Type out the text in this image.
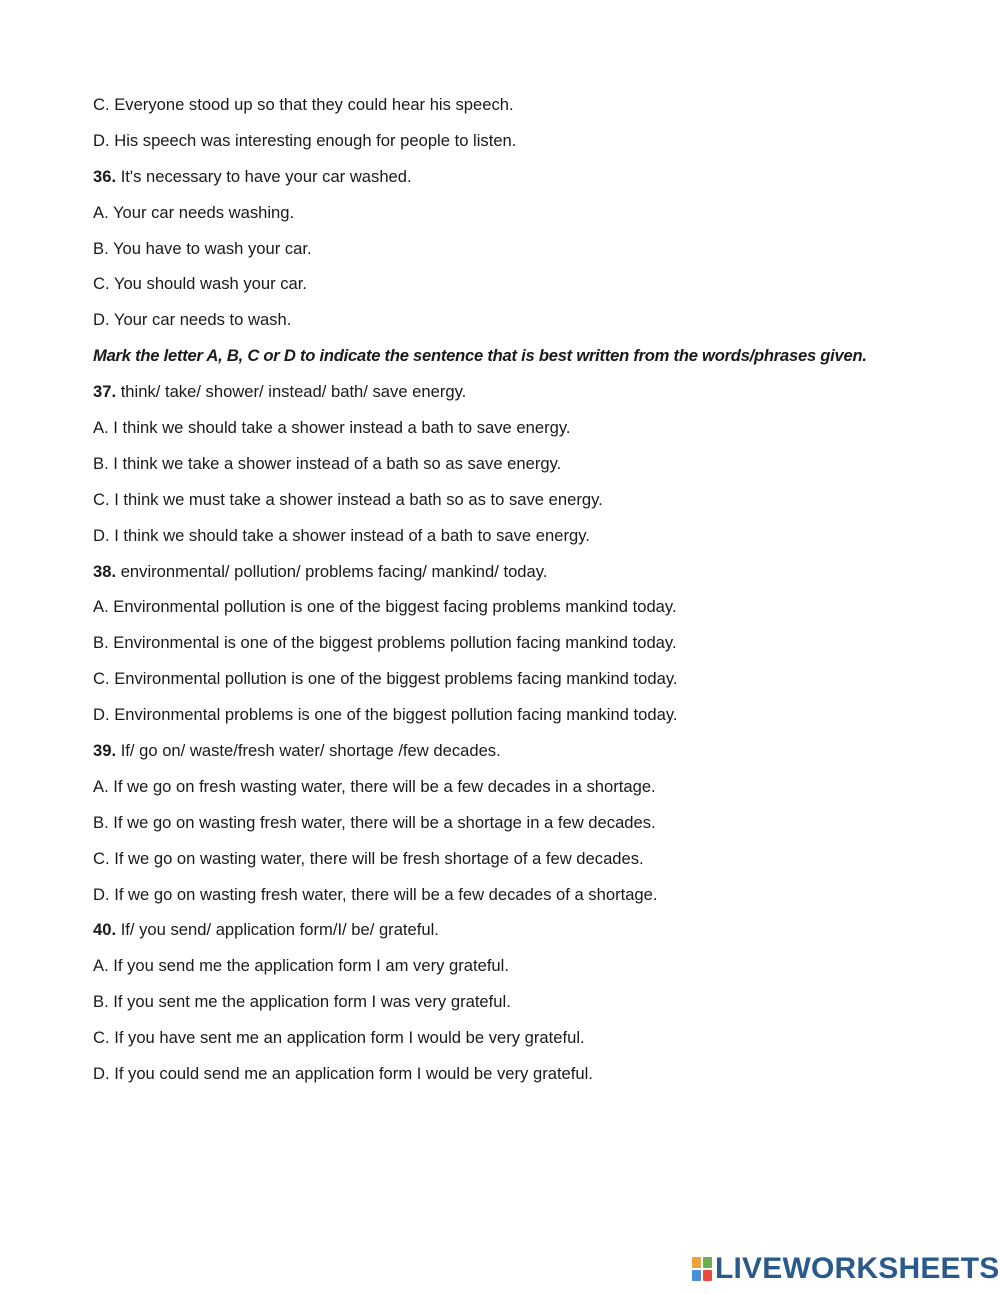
C. Everyone stood up so that they could hear his speech.
D. His speech was interesting enough for people to listen.
36. It's necessary to have your car washed.
A. Your car needs washing.
B. You have to wash your car.
C. You should wash your car.
D. Your car needs to wash.
Mark the letter A, B, C or D to indicate the sentence that is best written from the words/phrases given.
37. think/ take/ shower/ instead/ bath/ save energy.
A. I think we should take a shower instead a bath to save energy.
B. I think we take a shower instead of a bath so as save energy.
C. I think we must take a shower instead a bath so as to save energy.
D. I think we should take a shower instead of a bath to save energy.
38. environmental/ pollution/ problems facing/ mankind/ today.
A. Environmental pollution is one of the biggest facing problems mankind today.
B. Environmental is one of the biggest problems pollution facing mankind today.
C. Environmental pollution is one of the biggest problems facing mankind today.
D. Environmental problems is one of the biggest pollution facing mankind today.
39. If/ go on/ waste/fresh water/ shortage /few decades.
A. If we go on fresh wasting water, there will be a few decades in a shortage.
B. If we go on wasting fresh water, there will be a shortage in a few decades.
C. If we go on wasting water, there will be fresh shortage of a few decades.
D. If we go on wasting fresh water, there will be a few decades of a shortage.
40. If/ you send/ application form/I/ be/ grateful.
A. If you send me the application form I am very grateful.
B. If you sent me the application form I was very grateful.
C. If you have sent me an application form I would be very grateful.
D. If you could send me an application form I would be very grateful.
LIVEWORKSHEETS
